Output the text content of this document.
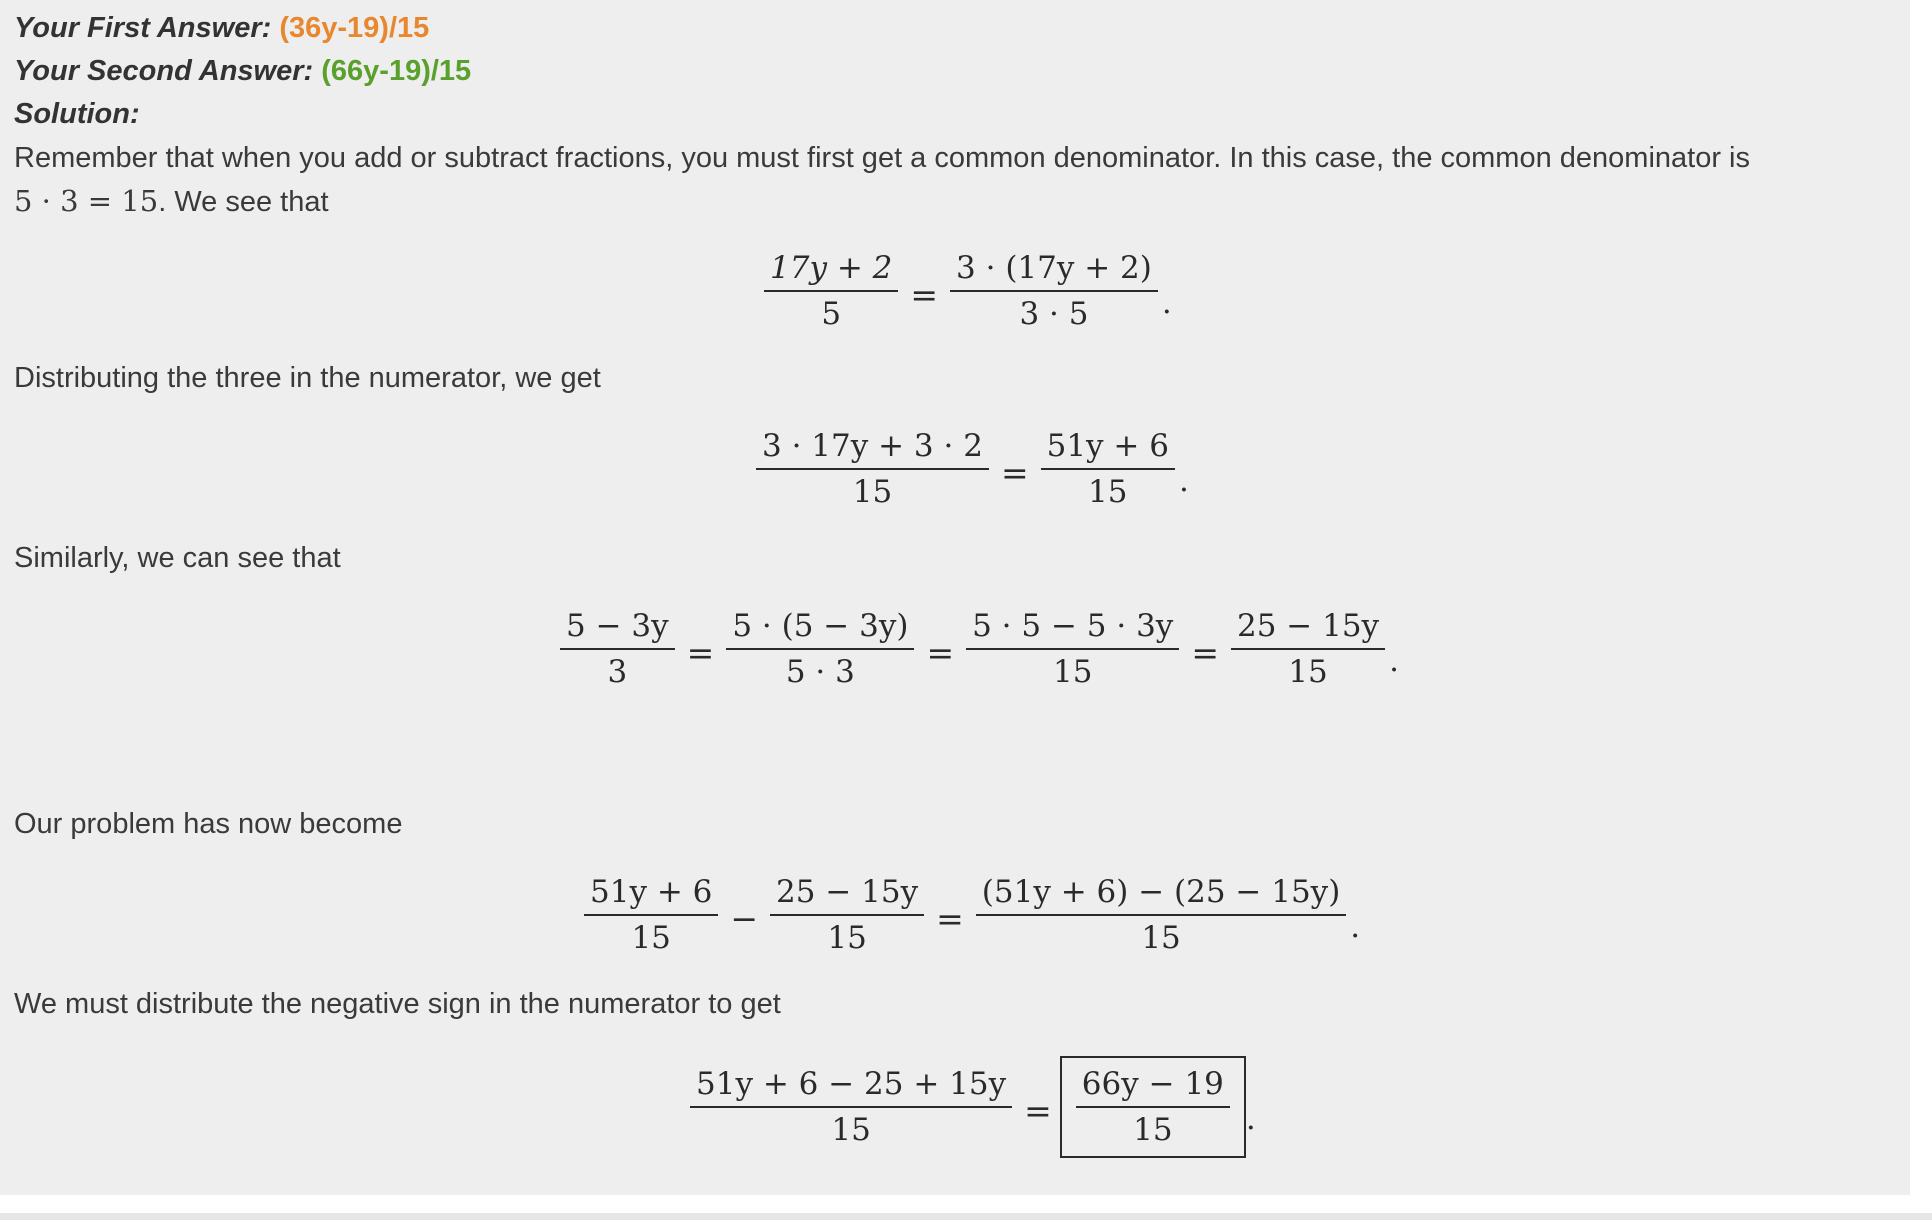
Your First Answer: (36y-19)/15
Your Second Answer: (66y-19)/15
Solution:
Remember that when you add or subtract fractions, you must first get a common denominator. In this case, the common denominator is
5 · 3 = 15. We see that
$\frac{17y + 2}{5} = \frac{3 \cdot (17y + 2)}{3 \cdot 5}$ .
Distributing the three in the numerator, we get
$\frac{3 \cdot 17y + 3 \cdot 2}{15} = \frac{51y + 6}{15}$ .
Similarly, we can see that
$\frac{5 - 3y}{3} = \frac{5 \cdot (5 - 3y)}{5 \cdot 3} = \frac{5 \cdot 5 - 5 \cdot 3y}{15} = \frac{25 - 15y}{15}$ .
Our problem has now become
$\frac{51y + 6}{15} - \frac{25 - 15y}{15} = \frac{(51y + 6) - (25 - 15y)}{15}$ .
We must distribute the negative sign in the numerator to get
$\frac{51y + 6 - 25 + 15y}{15} = \frac{66y - 19}{15}$ .
